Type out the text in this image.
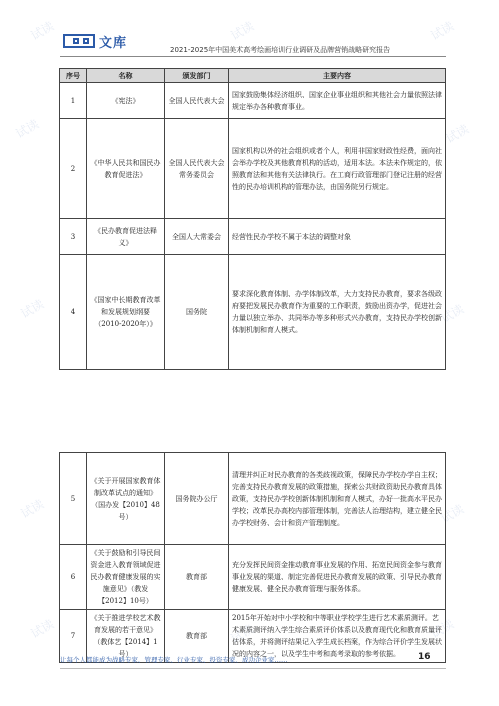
文库	2021-2025年中国美术高考绘画培训行业调研及品牌营销战略研究报告
试读	试读	试读
试读	试读
试读	试读
试读	试读
试读	试读	试读
序号	名称	颁发部门	主要内容
1	《宪法》	全国人民代表大会	国家鼓励集体经济组织、国家企业事业组织和其他社会力量依照法律规定举办各种教育事业。
2	《中华人民共和国民办教育促进法》	全国人民代表大会常务委员会	国家机构以外的社会组织或者个人，利用非国家财政性经费，面向社会举办学校及其他教育机构的活动，适用本法。本法未作规定的，依照教育法和其他有关法律执行。在工商行政管理部门登记注册的经营性的民办培训机构的管理办法，由国务院另行规定。
3	《民办教育促进法释义》	全国人大常委会	经营性民办学校不属于本法的调整对象
4	《国家中长期教育改革和发展规划纲要（2010-2020年）》	国务院	要求深化教育体制、办学体制改革，大力支持民办教育，要求各级政府要把发展民办教育作为重要的工作职责，鼓励出资办学，促进社会力量以独立举办、共同举办等多种形式兴办教育，支持民办学校创新体制机制和育人模式。
5	《关于开展国家教育体制改革试点的通知》（国办发【2010】48号）	国务院办公厅	清理并纠正对民办教育的各类歧视政策，保障民办学校办学自主权；完善支持民办教育发展的政策措施，探索公共财政资助民办教育具体政策，支持民办学校创新体制机制和育人模式，办好一批高水平民办学校；改革民办高校内部管理体制，完善法人治理结构，建立健全民办学校财务、会计和资产管理制度。
6	《关于鼓励和引导民间资金进入教育领域促进民办教育健康发展的实施意见》（教发【2012】10号）	教育部	充分发挥民间资金推动教育事业发展的作用、拓宽民间资金参与教育事业发展的渠道、制定完善促进民办教育发展的政策、引导民办教育健康发展、健全民办教育管理与服务体系。
7	《关于推进学校艺术教育发展的若干意见》（教体艺【2014】1号）	教育部	2015年开始对中小学校和中等职业学校学生进行艺术素质测评。艺术素质测评纳入学生综合素质评价体系以及教育现代化和教育质量评估体系，并将测评结果记入学生成长档案，作为综合评价学生发展状况的内容之一，以及学生中考和高考录取的参考依据。
让每个人都能成为战略专家、管理专家、行业专家、投资专家、成功企业家……	16
